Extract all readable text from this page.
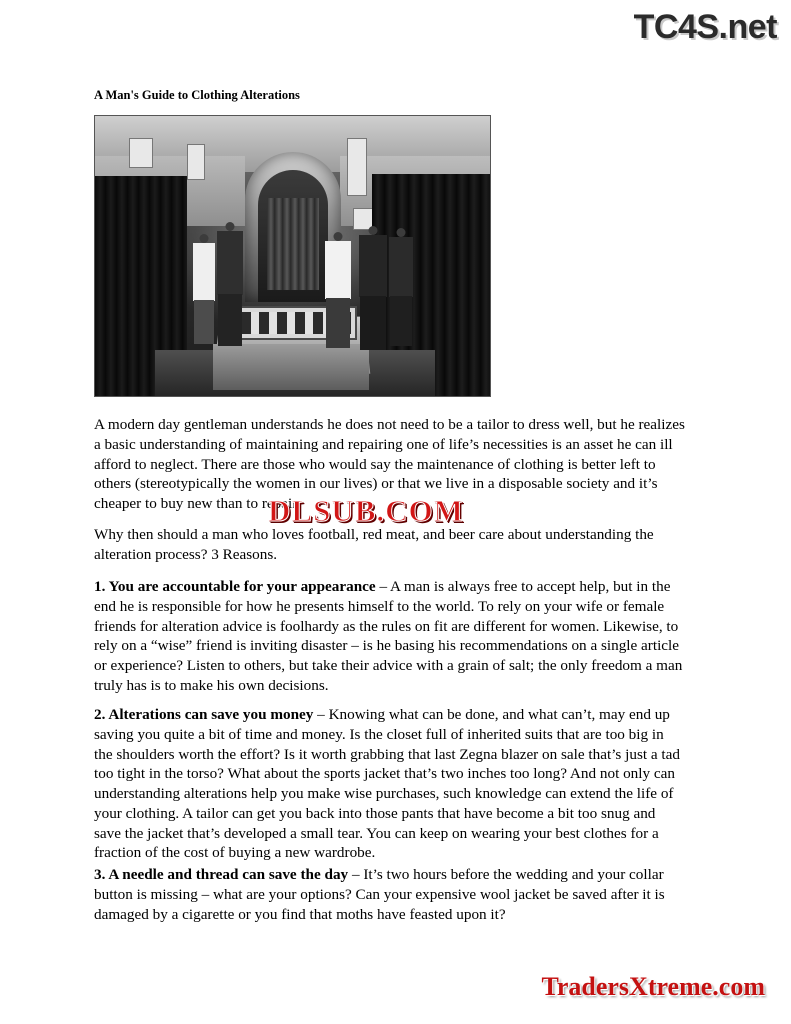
TC4S.net
A Man's Guide to Clothing Alterations

A modern day gentleman understands he does not need to be a tailor to dress well, but he realizes a basic understanding of maintaining and repairing one of life’s necessities is an asset he can ill afford to neglect. There are those who would say the maintenance of clothing is better left to others (stereotypically the women in our lives) or that we live in a disposable society and it’s cheaper to buy new than to repair.

Why then should a man who loves football, red meat, and beer care about understanding the alteration process? 3 Reasons.

1. You are accountable for your appearance – A man is always free to accept help, but in the end he is responsible for how he presents himself to the world. To rely on your wife or female friends for alteration advice is foolhardy as the rules on fit are different for women. Likewise, to rely on a “wise” friend is inviting disaster – is he basing his recommendations on a single article or experience? Listen to others, but take their advice with a grain of salt; the only freedom a man truly has is to make his own decisions.

2. Alterations can save you money – Knowing what can be done, and what can’t, may end up saving you quite a bit of time and money. Is the closet full of inherited suits that are too big in the shoulders worth the effort? Is it worth grabbing that last Zegna blazer on sale that’s just a tad too tight in the torso? What about the sports jacket that’s two inches too long? And not only can understanding alterations help you make wise purchases, such knowledge can extend the life of your clothing. A tailor can get you back into those pants that have become a bit too snug and save the jacket that’s developed a small tear. You can keep on wearing your best clothes for a fraction of the cost of buying a new wardrobe.

3. A needle and thread can save the day – It’s two hours before the wedding and your collar button is missing – what are your options? Can your expensive wool jacket be saved after it is damaged by a cigarette or you find that moths have feasted upon it?

DLSUB.COM
TradersXtreme.com
